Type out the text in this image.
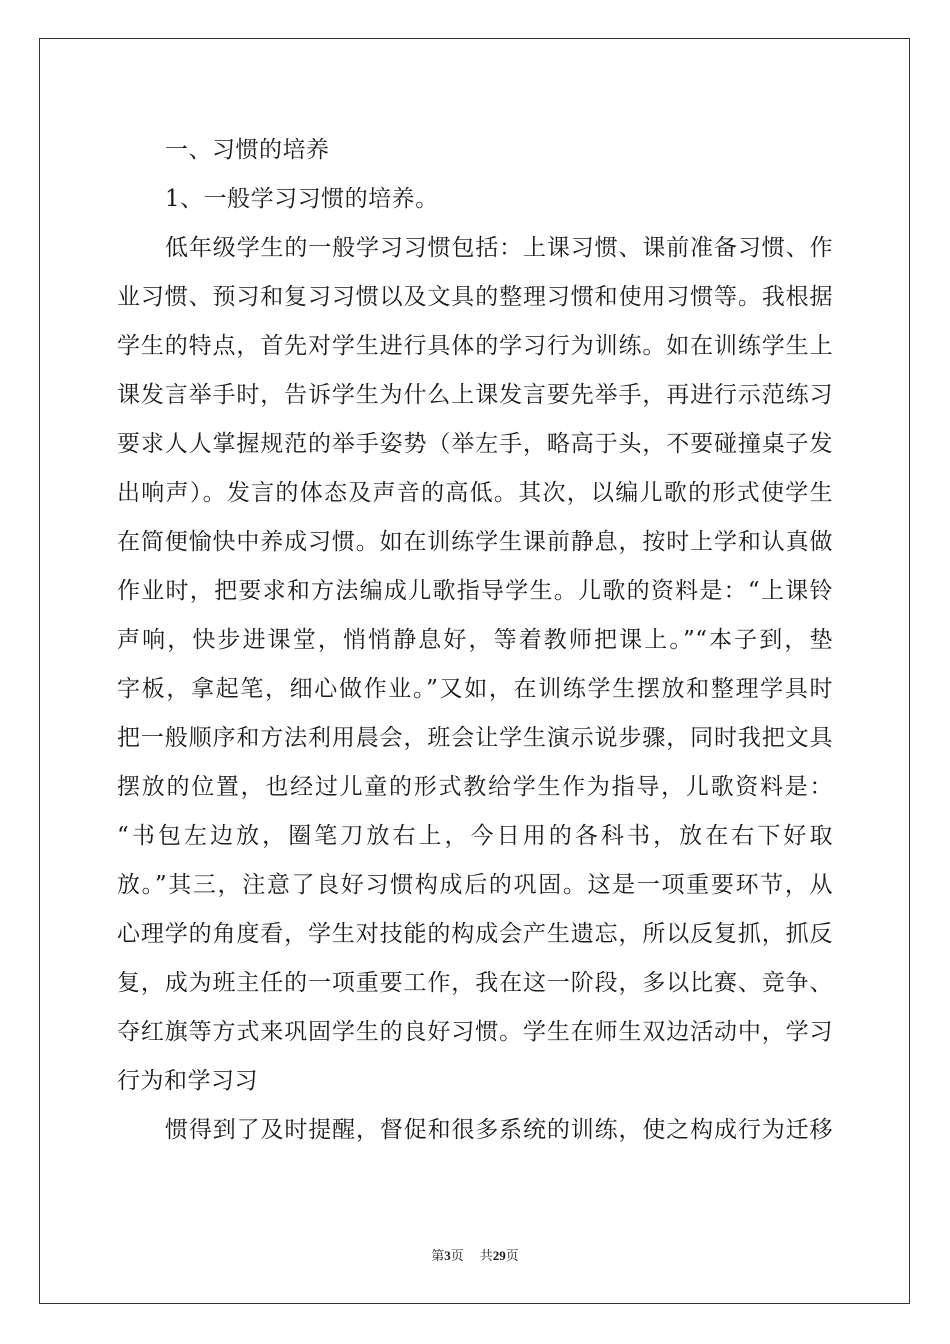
一、习惯的培养
1、一般学习习惯的培养。
低年级学生的一般学习习惯包括：上课习惯、课前准备习惯、作
业习惯、预习和复习习惯以及文具的整理习惯和使用习惯等。我根据
学生的特点，首先对学生进行具体的学习行为训练。如在训练学生上
课发言举手时，告诉学生为什么上课发言要先举手，再进行示范练习
要求人人掌握规范的举手姿势（举左手，略高于头，不要碰撞桌子发
出响声）。发言的体态及声音的高低。其次，以编儿歌的形式使学生
在简便愉快中养成习惯。如在训练学生课前静息，按时上学和认真做
作业时，把要求和方法编成儿歌指导学生。儿歌的资料是：“上课铃
声响，快步进课堂，悄悄静息好，等着教师把课上。”“本子到，垫
字板，拿起笔，细心做作业。”又如，在训练学生摆放和整理学具时
把一般顺序和方法利用晨会，班会让学生演示说步骤，同时我把文具
摆放的位置，也经过儿童的形式教给学生作为指导，儿歌资料是：
“书包左边放，圈笔刀放右上，今日用的各科书，放在右下好取
放。”其三，注意了良好习惯构成后的巩固。这是一项重要环节，从
心理学的角度看，学生对技能的构成会产生遗忘，所以反复抓，抓反
复，成为班主任的一项重要工作，我在这一阶段，多以比赛、竞争、
夺红旗等方式来巩固学生的良好习惯。学生在师生双边活动中，学习
行为和学习习
惯得到了及时提醒，督促和很多系统的训练，使之构成行为迁移
第3页 共29页
